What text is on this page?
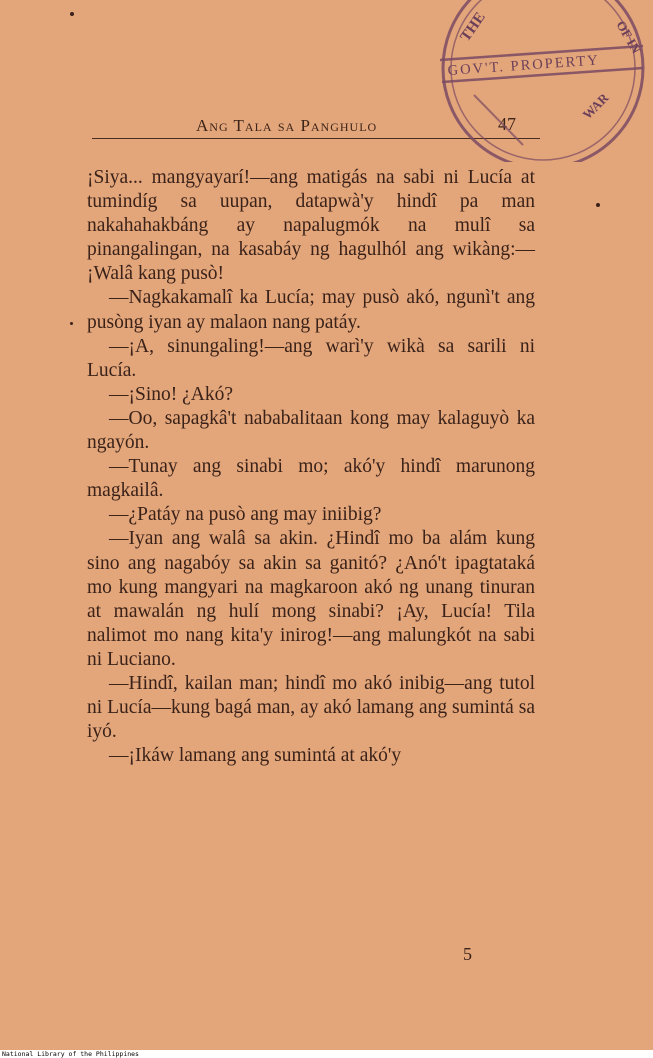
Ang Tala sa Panghulo	47

¡Siya... mangyayarí!—ang matigás na sabi ni Lucía at tumindíg sa uupan, datapwà'y hindî pa man nakahahakbáng ay napalugmók na mulî sa pinangalingan, na kasabáy ng hagulhól ang wikàng:—¡Walâ kang pusò!

—Nagkakamalî ka Lucía; may pusò akó, ngunì't ang pusòng iyan ay malaon nang patáy.

—¡A, sinungaling!—ang warì'y wikà sa sarili ni Lucía.

—¡Sino! ¿Akó?

—Oo, sapagkâ't nababalitaan kong may kalaguyò ka ngayón.

—Tunay ang sinabi mo; akó'y hindî marunong magkailâ.

—¿Patáy na pusò ang may iniibig?

—Iyan ang walâ sa akin. ¿Hindî mo ba alám kung sino ang nagabóy sa akin sa ganitó? ¿Anó't ipagtataká mo kung mangyari na magkaroon akó ng unang tinuran at mawalán ng hulí mong sinabi? ¡Ay, Lucía! Tila nalimot mo nang kita'y inirog!—ang malungkót na sabi ni Luciano.

—Hindî, kailan man; hindî mo akó inibig—ang tutol ni Lucía—kung bagá man, ay akó lamang ang sumintá sa iyó.

—¡Ikáw lamang ang sumintá at akó'y

5
THE
GOV'T. PROPERTY
OF IN
WAR
National Library of the Philippines
